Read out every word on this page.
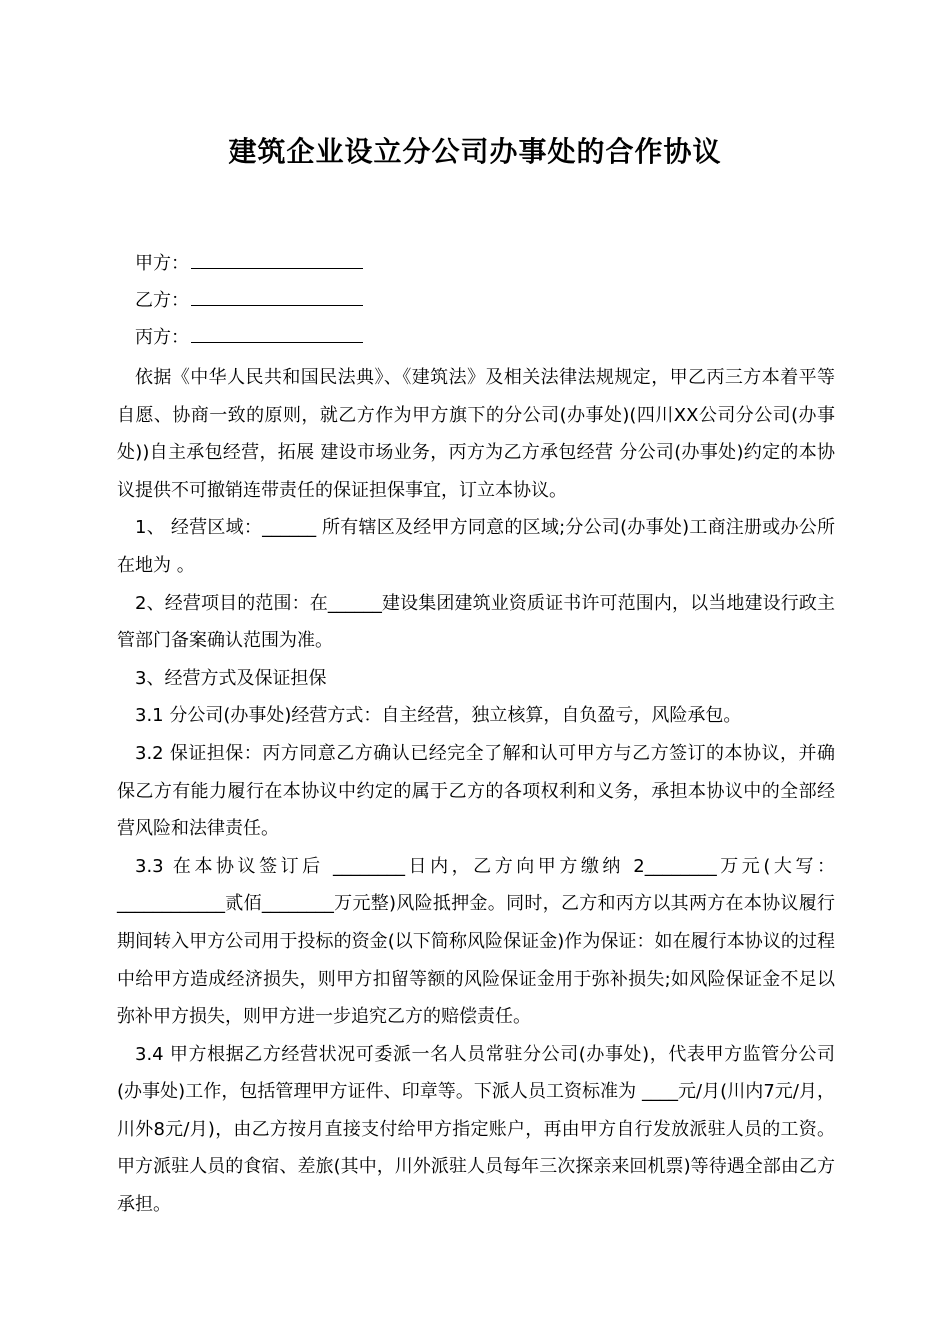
建筑企业设立分公司办事处的合作协议
甲方：
乙方：
丙方：

依据《中华人民共和国民法典》、《建筑法》及相关法律法规规定，甲乙丙三方本着平等自愿、协商一致的原则，就乙方作为甲方旗下的分公司(办事处)(四川XX公司分公司(办事处))自主承包经营，拓展 建设市场业务，丙方为乙方承包经营 分公司(办事处)约定的本协议提供不可撤销连带责任的保证担保事宜，订立本协议。

1、 经营区域：______ 所有辖区及经甲方同意的区域;分公司(办事处)工商注册或办公所在地为 。

2、经营项目的范围：在______建设集团建筑业资质证书许可范围内，以当地建设行政主管部门备案确认范围为准。

3、经营方式及保证担保

3.1 分公司(办事处)经营方式：自主经营，独立核算，自负盈亏，风险承包。

3.2 保证担保：丙方同意乙方确认已经完全了解和认可甲方与乙方签订的本协议，并确保乙方有能力履行在本协议中约定的属于乙方的各项权利和义务，承担本协议中的全部经营风险和法律责任。

3.3 在本协议签订后 ________日内，乙方向甲方缴纳 2________万元(大写：____________贰佰________万元整)风险抵押金。同时，乙方和丙方以其两方在本协议履行期间转入甲方公司用于投标的资金(以下简称风险保证金)作为保证：如在履行本协议的过程中给甲方造成经济损失，则甲方扣留等额的风险保证金用于弥补损失;如风险保证金不足以弥补甲方损失，则甲方进一步追究乙方的赔偿责任。

3.4 甲方根据乙方经营状况可委派一名人员常驻分公司(办事处)，代表甲方监管分公司(办事处)工作，包括管理甲方证件、印章等。下派人员工资标准为 ____元/月(川内7元/月，川外8元/月)，由乙方按月直接支付给甲方指定账户，再由甲方自行发放派驻人员的工资。甲方派驻人员的食宿、差旅(其中，川外派驻人员每年三次探亲来回机票)等待遇全部由乙方承担。
